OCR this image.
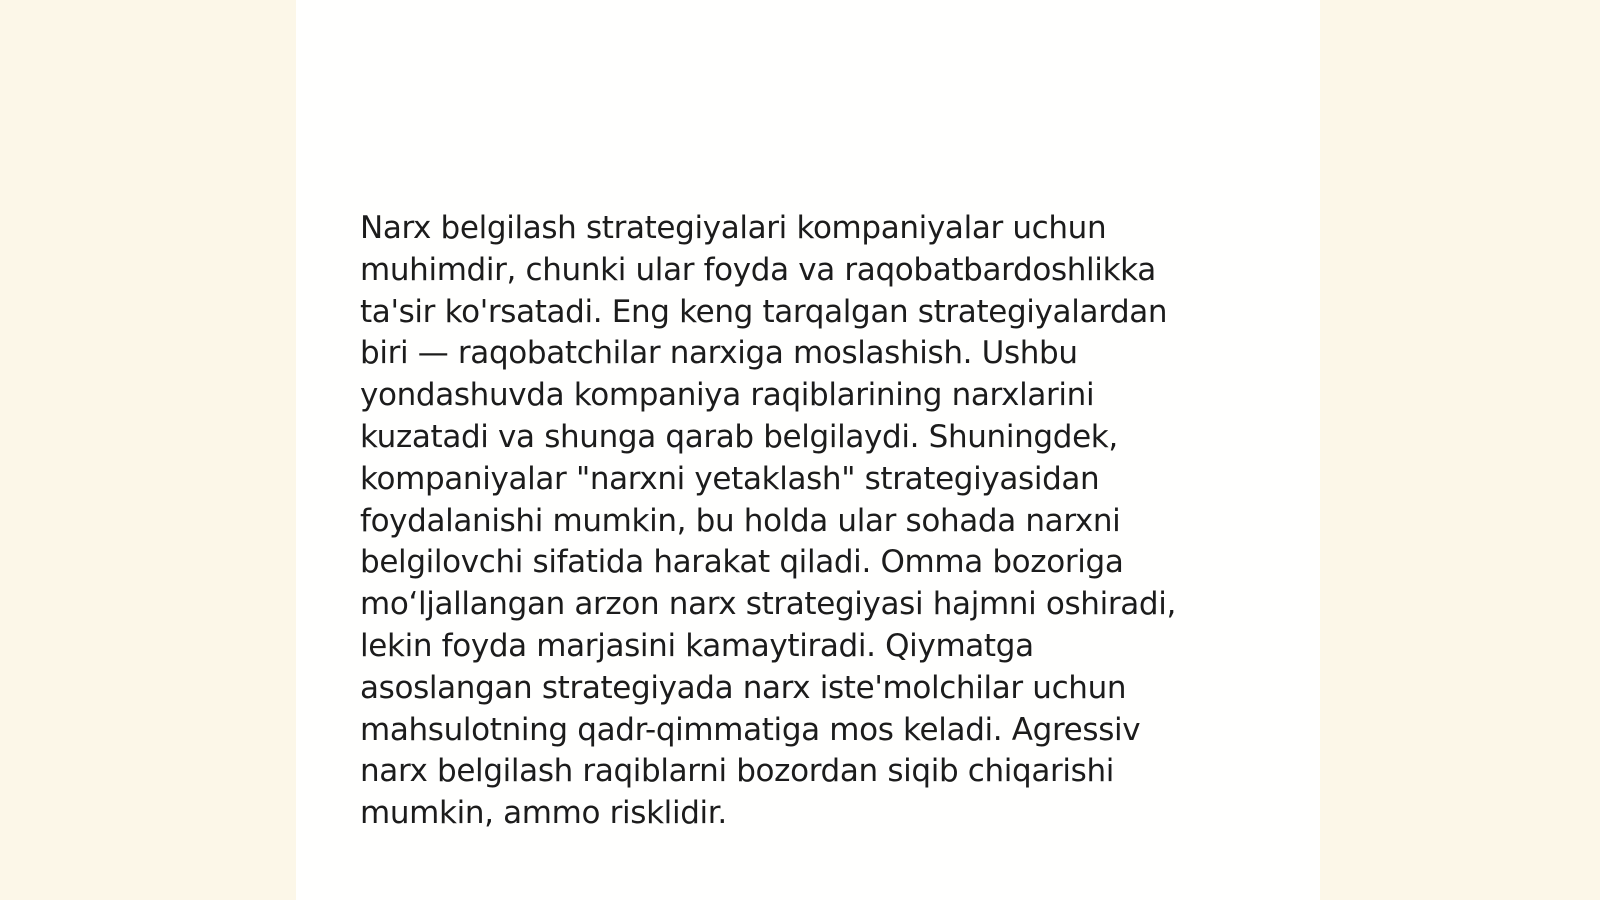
Narx belgilash strategiyalari kompaniyalar uchun
muhimdir, chunki ular foyda va raqobatbardoshlikka
ta'sir ko'rsatadi. Eng keng tarqalgan strategiyalardan
biri — raqobatchilar narxiga moslashish. Ushbu
yondashuvda kompaniya raqiblarining narxlarini
kuzatadi va shunga qarab belgilaydi. Shuningdek,
kompaniyalar "narxni yetaklash" strategiyasidan
foydalanishi mumkin, bu holda ular sohada narxni
belgilovchi sifatida harakat qiladi. Omma bozoriga
mo‘ljallangan arzon narx strategiyasi hajmni oshiradi,
lekin foyda marjasini kamaytiradi. Qiymatga
asoslangan strategiyada narx iste'molchilar uchun
mahsulotning qadr-qimmatiga mos keladi. Agressiv
narx belgilash raqiblarni bozordan siqib chiqarishi
mumkin, ammo risklidir.
